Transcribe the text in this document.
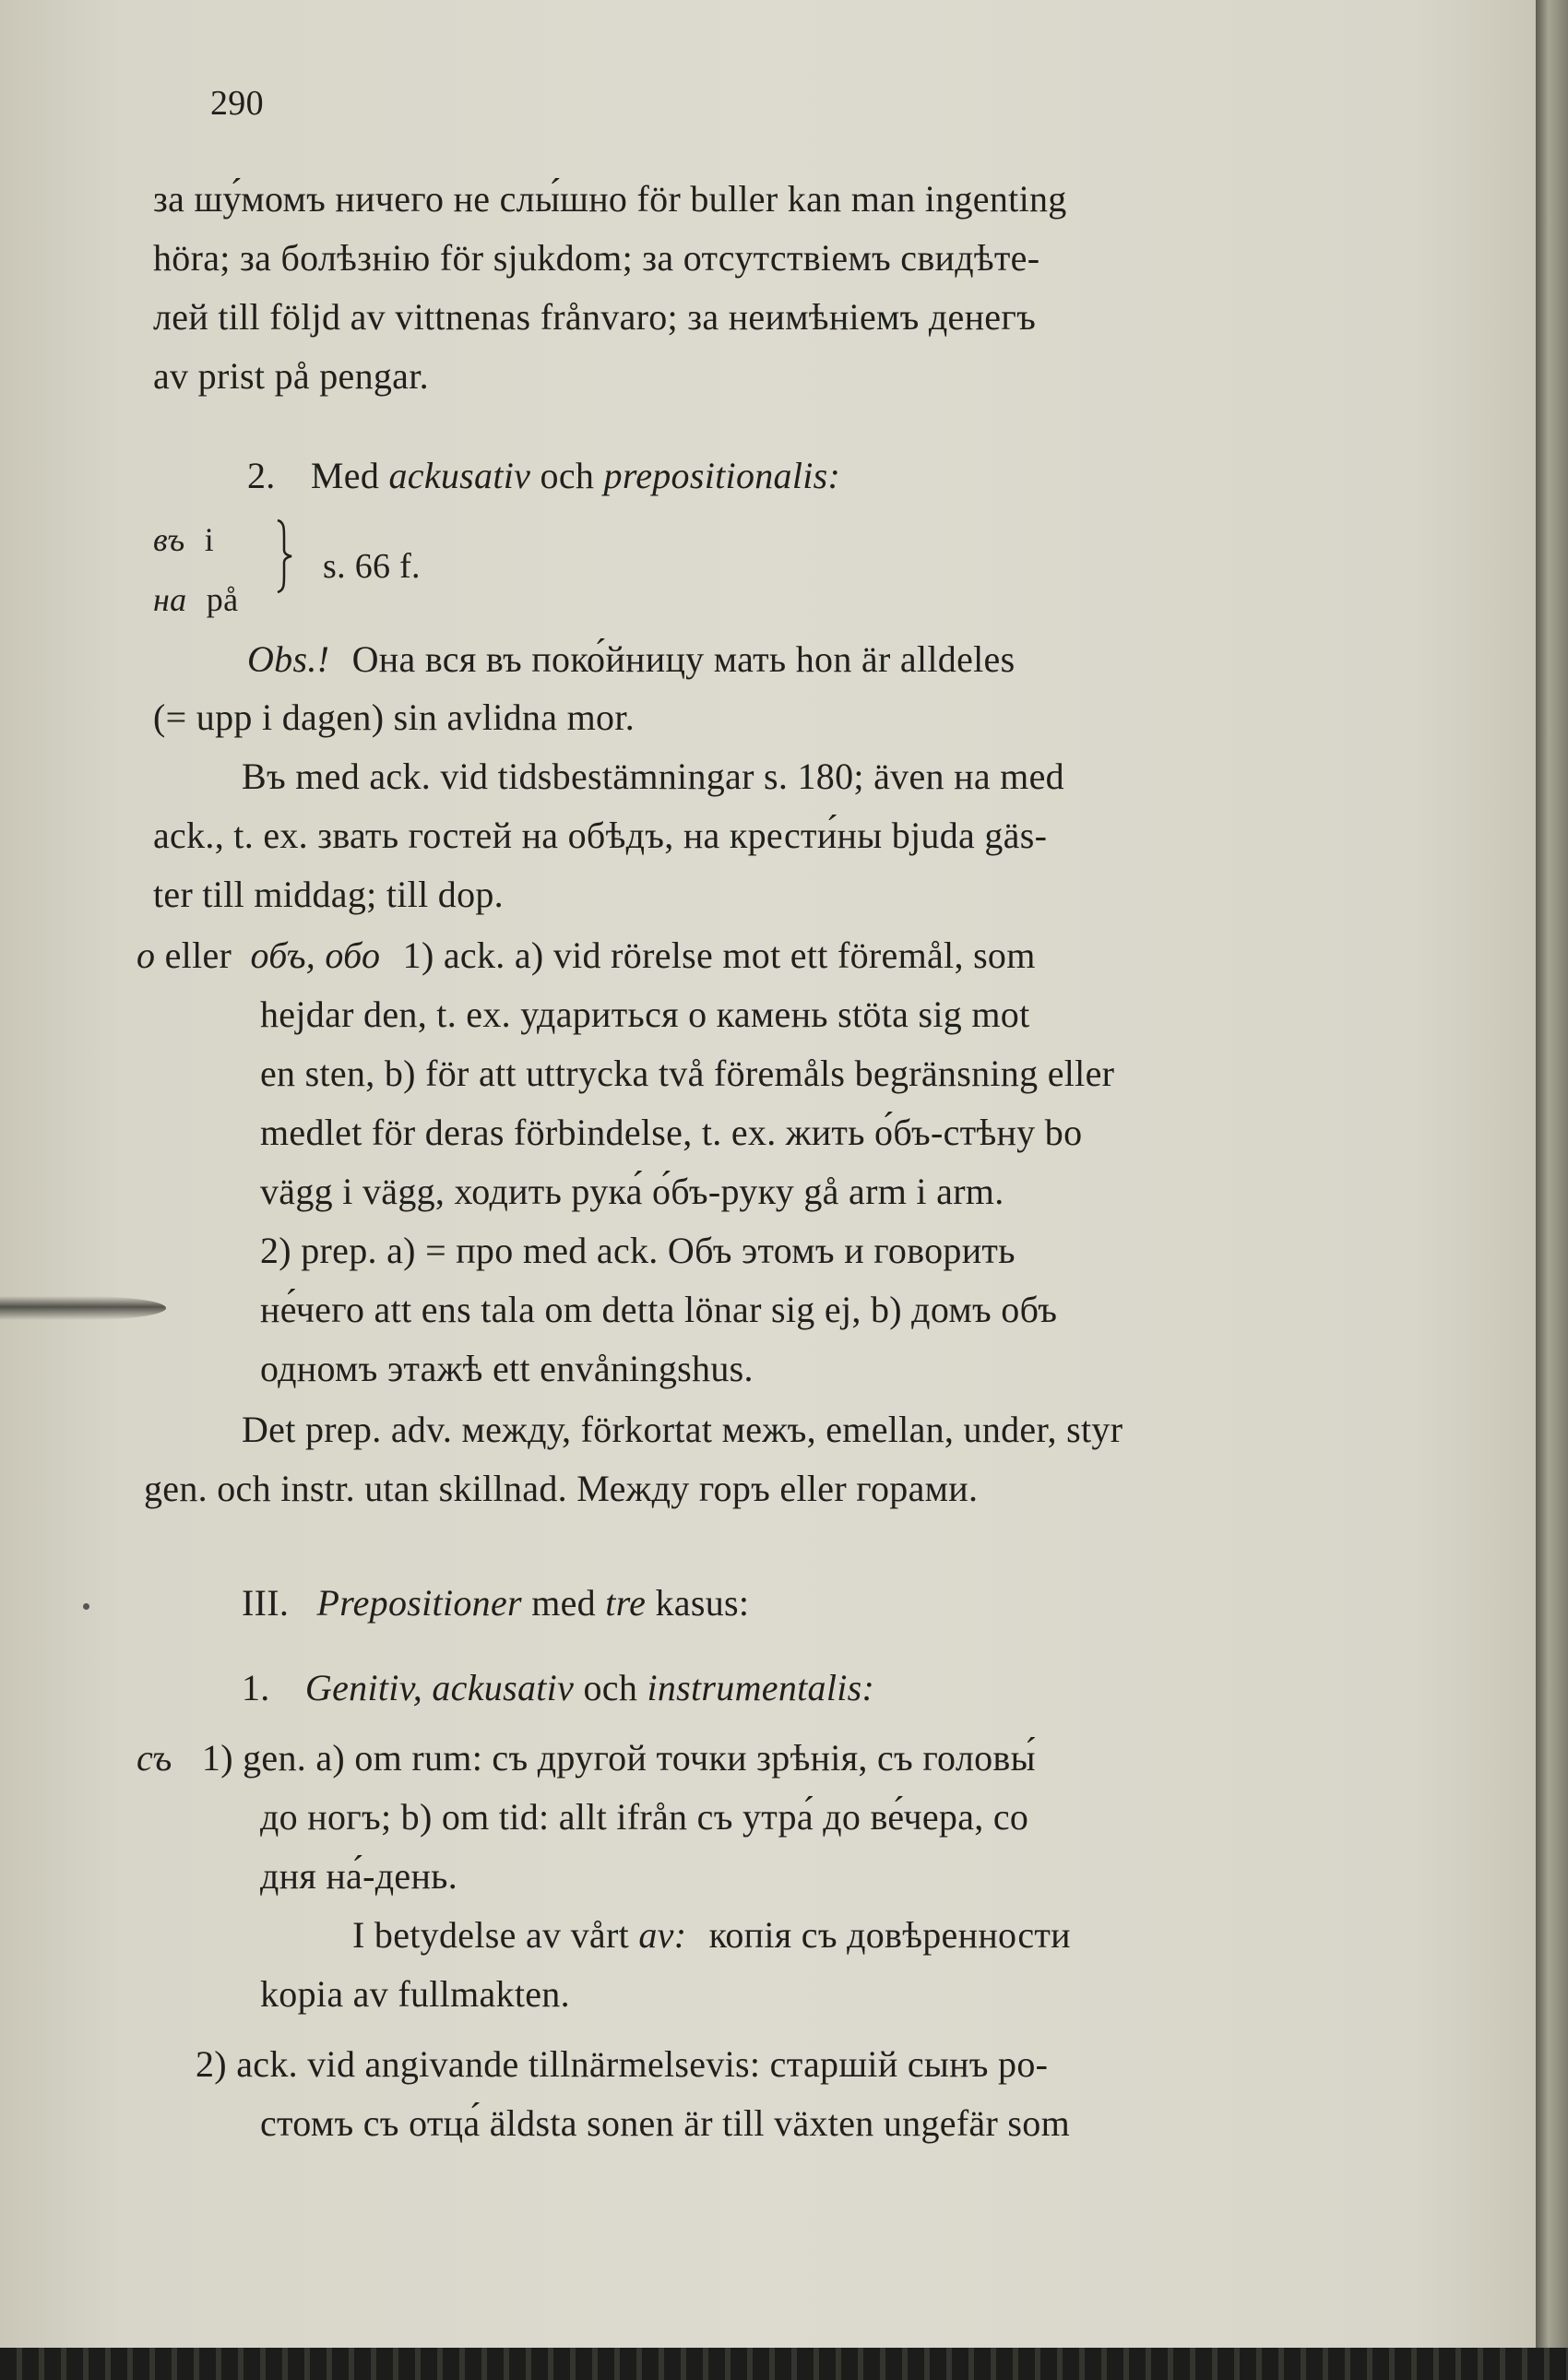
290

за шу́момъ ничего не слы́шно för buller kan man ingenting

höra; за болѣзнію för sjukdom; за отсутствіемъ свидѣте-

лей till följd av vittnenas frånvaro; за неимѣніемъ денегъ

av prist på pengar.

2. Med ackusativ och prepositionalis:

въ i

на på

s. 66 f.

Obs.! Она вся въ поко́йницу мать hon är alldeles

(= upp i dagen) sin avlidna mor.

Въ med ack. vid tidsbestämningar s. 180; även на med

ack., t. ex. звать гостей на обѣдъ, на крести́ны bjuda gäs-

ter till middag; till dop.

о eller объ, обо 1) ack. a) vid rörelse mot ett föremål, som

hejdar den, t. ex. удариться о камень stöta sig mot

en sten, b) för att uttrycka två föremåls begränsning eller

medlet för deras förbindelse, t. ex. жить о́бъ-стѣну bo

vägg i vägg, ходить рука́ о́бъ-руку gå arm i arm.

2) prep. a) = про med ack. Объ этомъ и говорить

не́чего att ens tala om detta lönar sig ej, b) домъ объ

одномъ этажѣ ett envåningshus.

Det prep. adv. между, förkortat межъ, emellan, under, styr

gen. och instr. utan skillnad. Между горъ eller горами.

III. Prepositioner med tre kasus:

1. Genitiv, ackusativ och instrumentalis:

съ 1) gen. a) om rum: съ другой точки зрѣнія, съ головы́

до ногъ; b) om tid: allt ifrån съ утра́ до ве́чера, со

дня на́-день.

I betydelse av vårt av: копія съ довѣренности

kopia av fullmakten.

2) ack. vid angivande tillnärmelsevis: старшій сынъ ро-

стомъ съ отца́ äldsta sonen är till växten ungefär som
